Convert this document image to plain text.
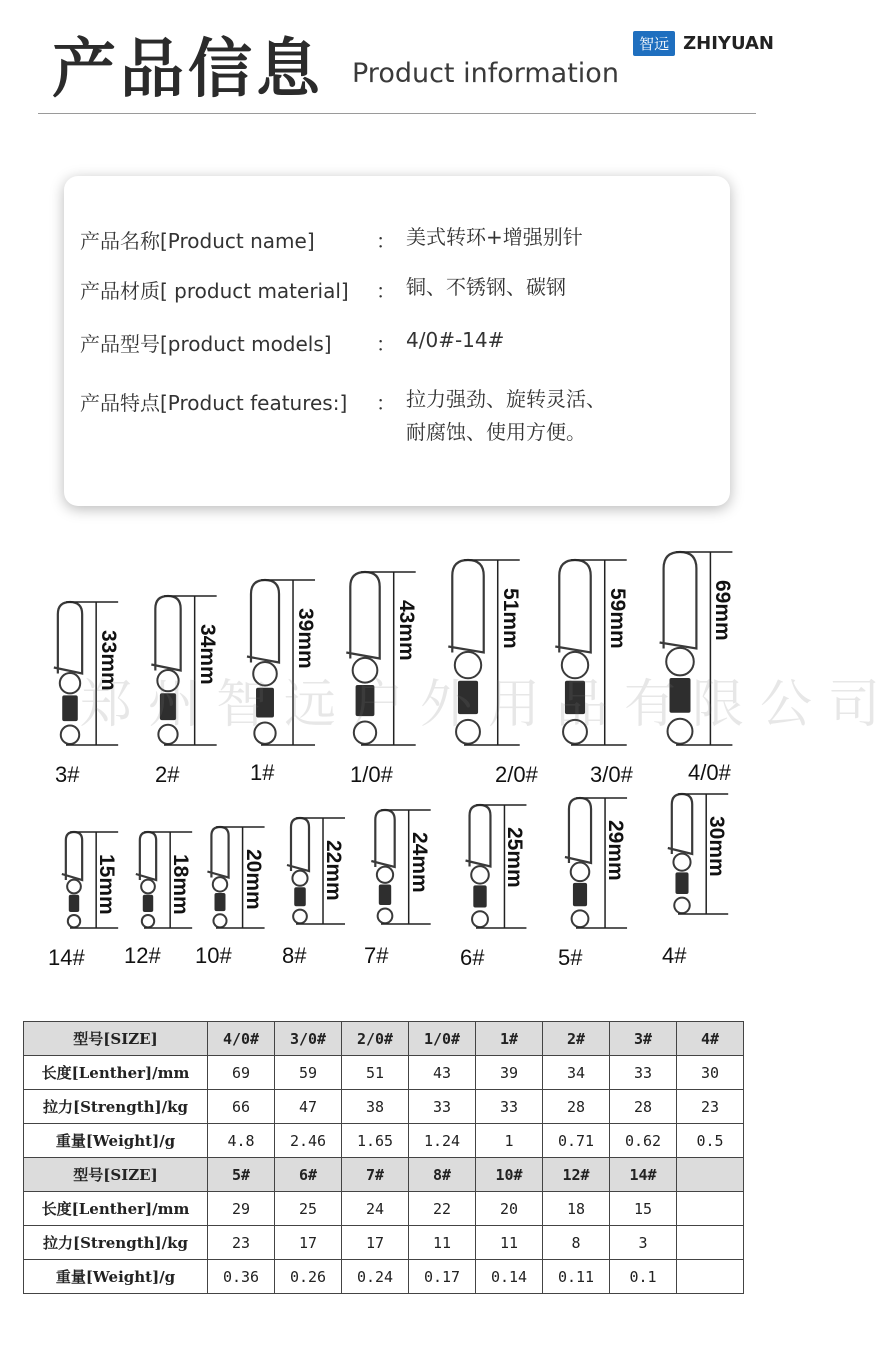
产品信息 Product information
智远 ZHIYUAN
产品名称[Product name]	： 美式转环+增强别针
产品材质[ product material]	： 铜、不锈钢、碳钢
产品型号[product models]	： 4/0#-14#
产品特点[Product features:]	： 拉力强劲、旋转灵活、
耐腐蚀、使用方便。
郑州智远户外用品有限公司
3#
33mm
2#
34mm
1#
39mm
1/0#
43mm
2/0#
51mm
3/0#
59mm
4/0#
69mm
14#
15mm
12#
18mm
10#
20mm
8#
22mm
7#
24mm
6#
25mm
5#
29mm
4#
30mm
型号[SIZE]	4/0#	3/0#	2/0#	1/0#	1#	2#	3#	4#
长度[Lenther]/mm	69	59	51	43	39	34	33	30
拉力[Strength]/kg	66	47	38	33	33	28	28	23
重量[Weight]/g	4.8	2.46	1.65	1.24	1	0.71	0.62	0.5
型号[SIZE]	5#	6#	7#	8#	10#	12#	14#	
长度[Lenther]/mm	29	25	24	22	20	18	15	
拉力[Strength]/kg	23	17	17	11	11	8	3	
重量[Weight]/g	0.36	0.26	0.24	0.17	0.14	0.11	0.1	
